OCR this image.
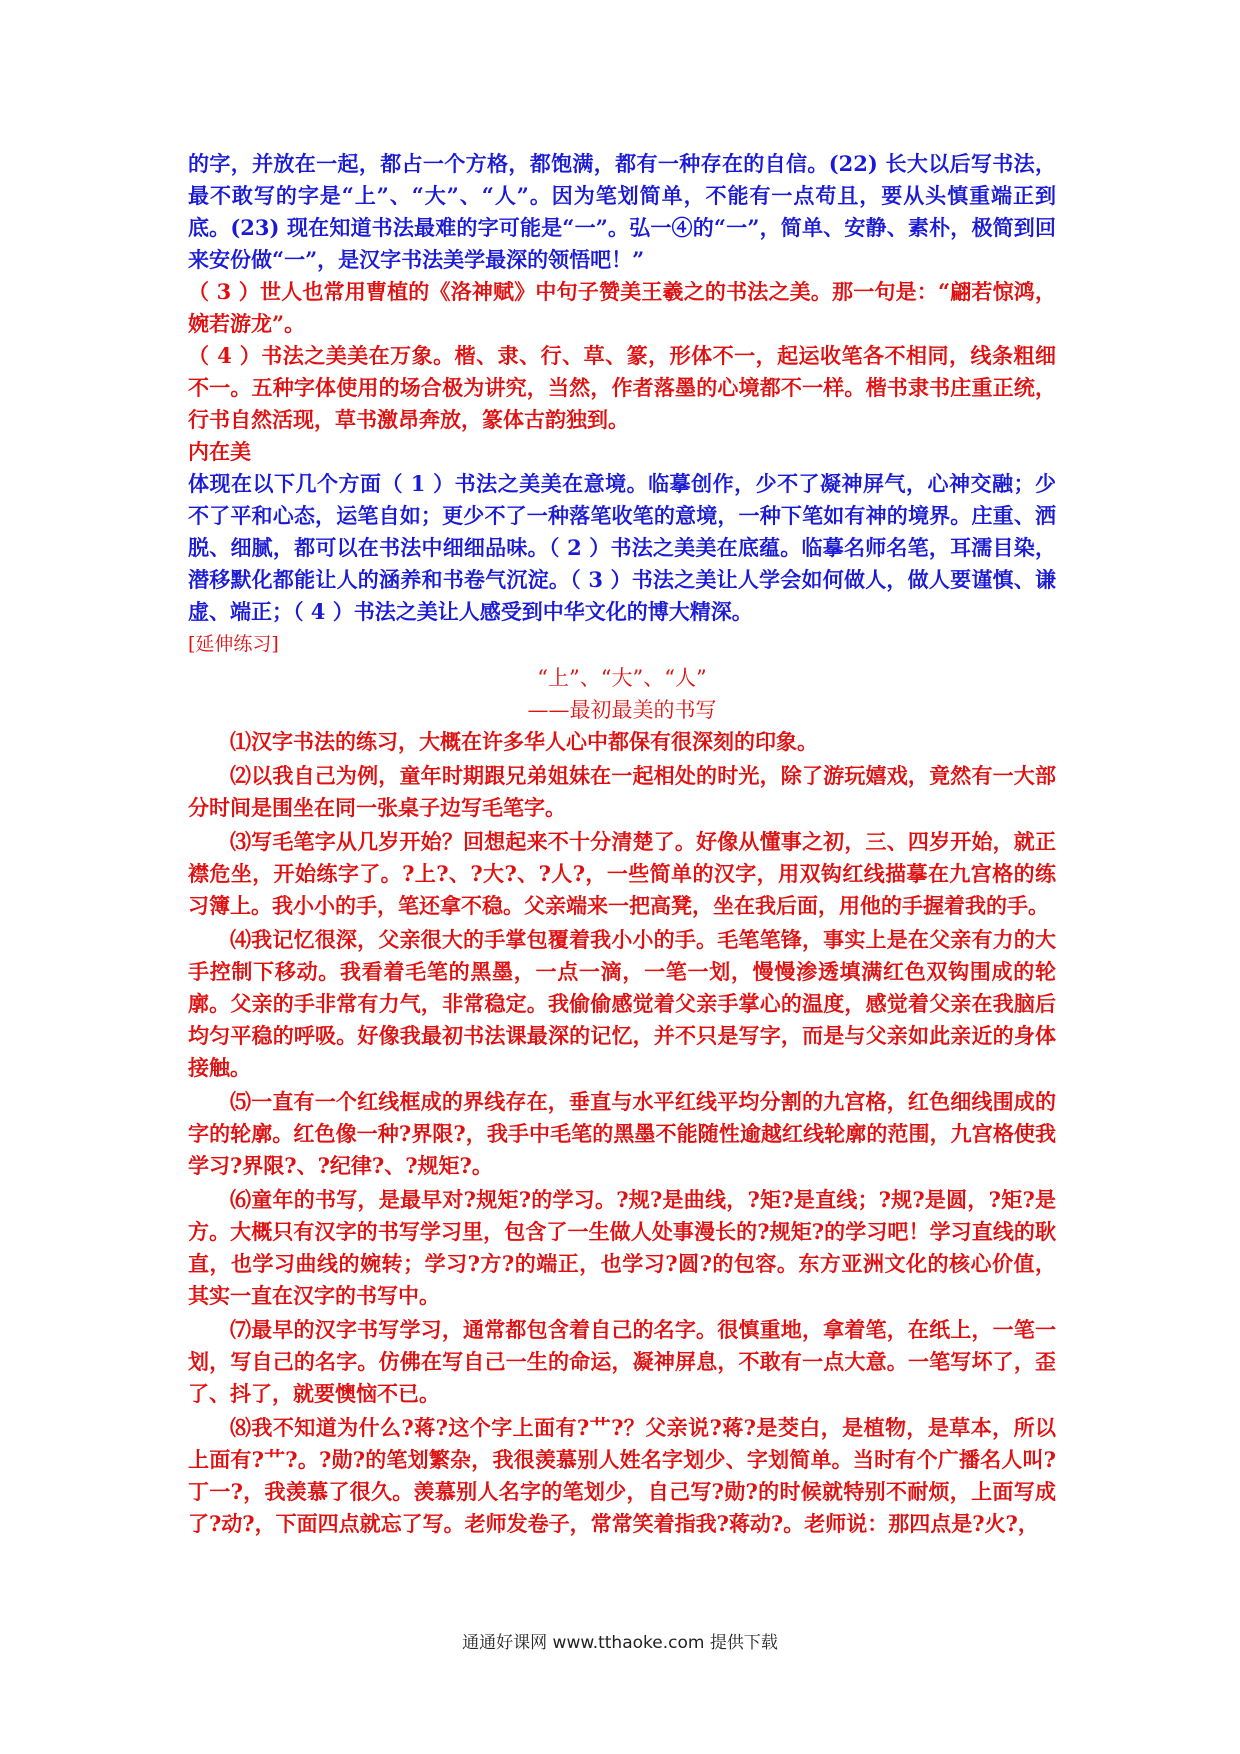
的字，并放在一起，都占一个方格，都饱满，都有一种存在的自信。(22) 长大以后写书法，最不敢写的字是“上”、“大”、“人”。因为笔划简单，不能有一点苟且，要从头慎重端正到底。(23) 现在知道书法最难的字可能是“一”。弘一④的“一”，简单、安静、素朴，极简到回来安份做“一”，是汉字书法美学最深的领悟吧！”

（ 3 ）世人也常用曹植的《洛神赋》中句子赞美王羲之的书法之美。那一句是：“翩若惊鸿，婉若游龙”。

（ 4 ）书法之美美在万象。楷、隶、行、草、篆，形体不一，起运收笔各不相同，线条粗细不一。五种字体使用的场合极为讲究，当然，作者落墨的心境都不一样。楷书隶书庄重正统，行书自然活现，草书激昂奔放，篆体古韵独到。

内在美

体现在以下几个方面（ 1 ）书法之美美在意境。临摹创作，少不了凝神屏气，心神交融；少不了平和心态，运笔自如；更少不了一种落笔收笔的意境，一种下笔如有神的境界。庄重、洒脱、细腻，都可以在书法中细细品味。（ 2 ）书法之美美在底蕴。临摹名师名笔，耳濡目染，潜移默化都能让人的涵养和书卷气沉淀。（ 3 ）书法之美让人学会如何做人，做人要谨慎、谦虚、端正；（ 4 ）书法之美让人感受到中华文化的博大精深。

[延伸练习]

“上”、“大”、“人”

——最初最美的书写

⑴汉字书法的练习，大概在许多华人心中都保有很深刻的印象。

⑵以我自己为例，童年时期跟兄弟姐妹在一起相处的时光，除了游玩嬉戏，竟然有一大部分时间是围坐在同一张桌子边写毛笔字。

⑶写毛笔字从几岁开始？回想起来不十分清楚了。好像从懂事之初，三、四岁开始，就正襟危坐，开始练字了。?上?、?大?、?人?，一些简单的汉字，用双钩红线描摹在九宫格的练习簿上。我小小的手，笔还拿不稳。父亲端来一把高凳，坐在我后面，用他的手握着我的手。

⑷我记忆很深，父亲很大的手掌包覆着我小小的手。毛笔笔锋，事实上是在父亲有力的大手控制下移动。我看着毛笔的黑墨，一点一滴，一笔一划，慢慢渗透填满红色双钩围成的轮廓。父亲的手非常有力气，非常稳定。我偷偷感觉着父亲手掌心的温度，感觉着父亲在我脑后均匀平稳的呼吸。好像我最初书法课最深的记忆，并不只是写字，而是与父亲如此亲近的身体接触。

⑸一直有一个红线框成的界线存在，垂直与水平红线平均分割的九宫格，红色细线围成的字的轮廓。红色像一种?界限?，我手中毛笔的黑墨不能随性逾越红线轮廓的范围，九宫格使我学习?界限?、?纪律?、?规矩?。

⑹童年的书写，是最早对?规矩?的学习。?规?是曲线，?矩?是直线；?规?是圆，?矩?是方。大概只有汉字的书写学习里，包含了一生做人处事漫长的?规矩?的学习吧！学习直线的耿直，也学习曲线的婉转；学习?方?的端正，也学习?圆?的包容。东方亚洲文化的核心价值，其实一直在汉字的书写中。

⑺最早的汉字书写学习，通常都包含着自己的名字。很慎重地，拿着笔，在纸上，一笔一划，写自己的名字。仿佛在写自己一生的命运，凝神屏息，不敢有一点大意。一笔写坏了，歪了、抖了，就要懊恼不已。

⑻我不知道为什么?蒋?这个字上面有?艹?？父亲说?蒋?是茭白，是植物，是草本，所以上面有?艹?。?勋?的笔划繁杂，我很羡慕别人姓名字划少、字划简单。当时有个广播名人叫?丁一?，我羡慕了很久。羡慕别人名字的笔划少，自己写?勋?的时候就特别不耐烦，上面写成了?动?，下面四点就忘了写。老师发卷子，常常笑着指我?蒋动?。老师说：那四点是?火?，

通通好课网 www.tthaoke.com 提供下载
